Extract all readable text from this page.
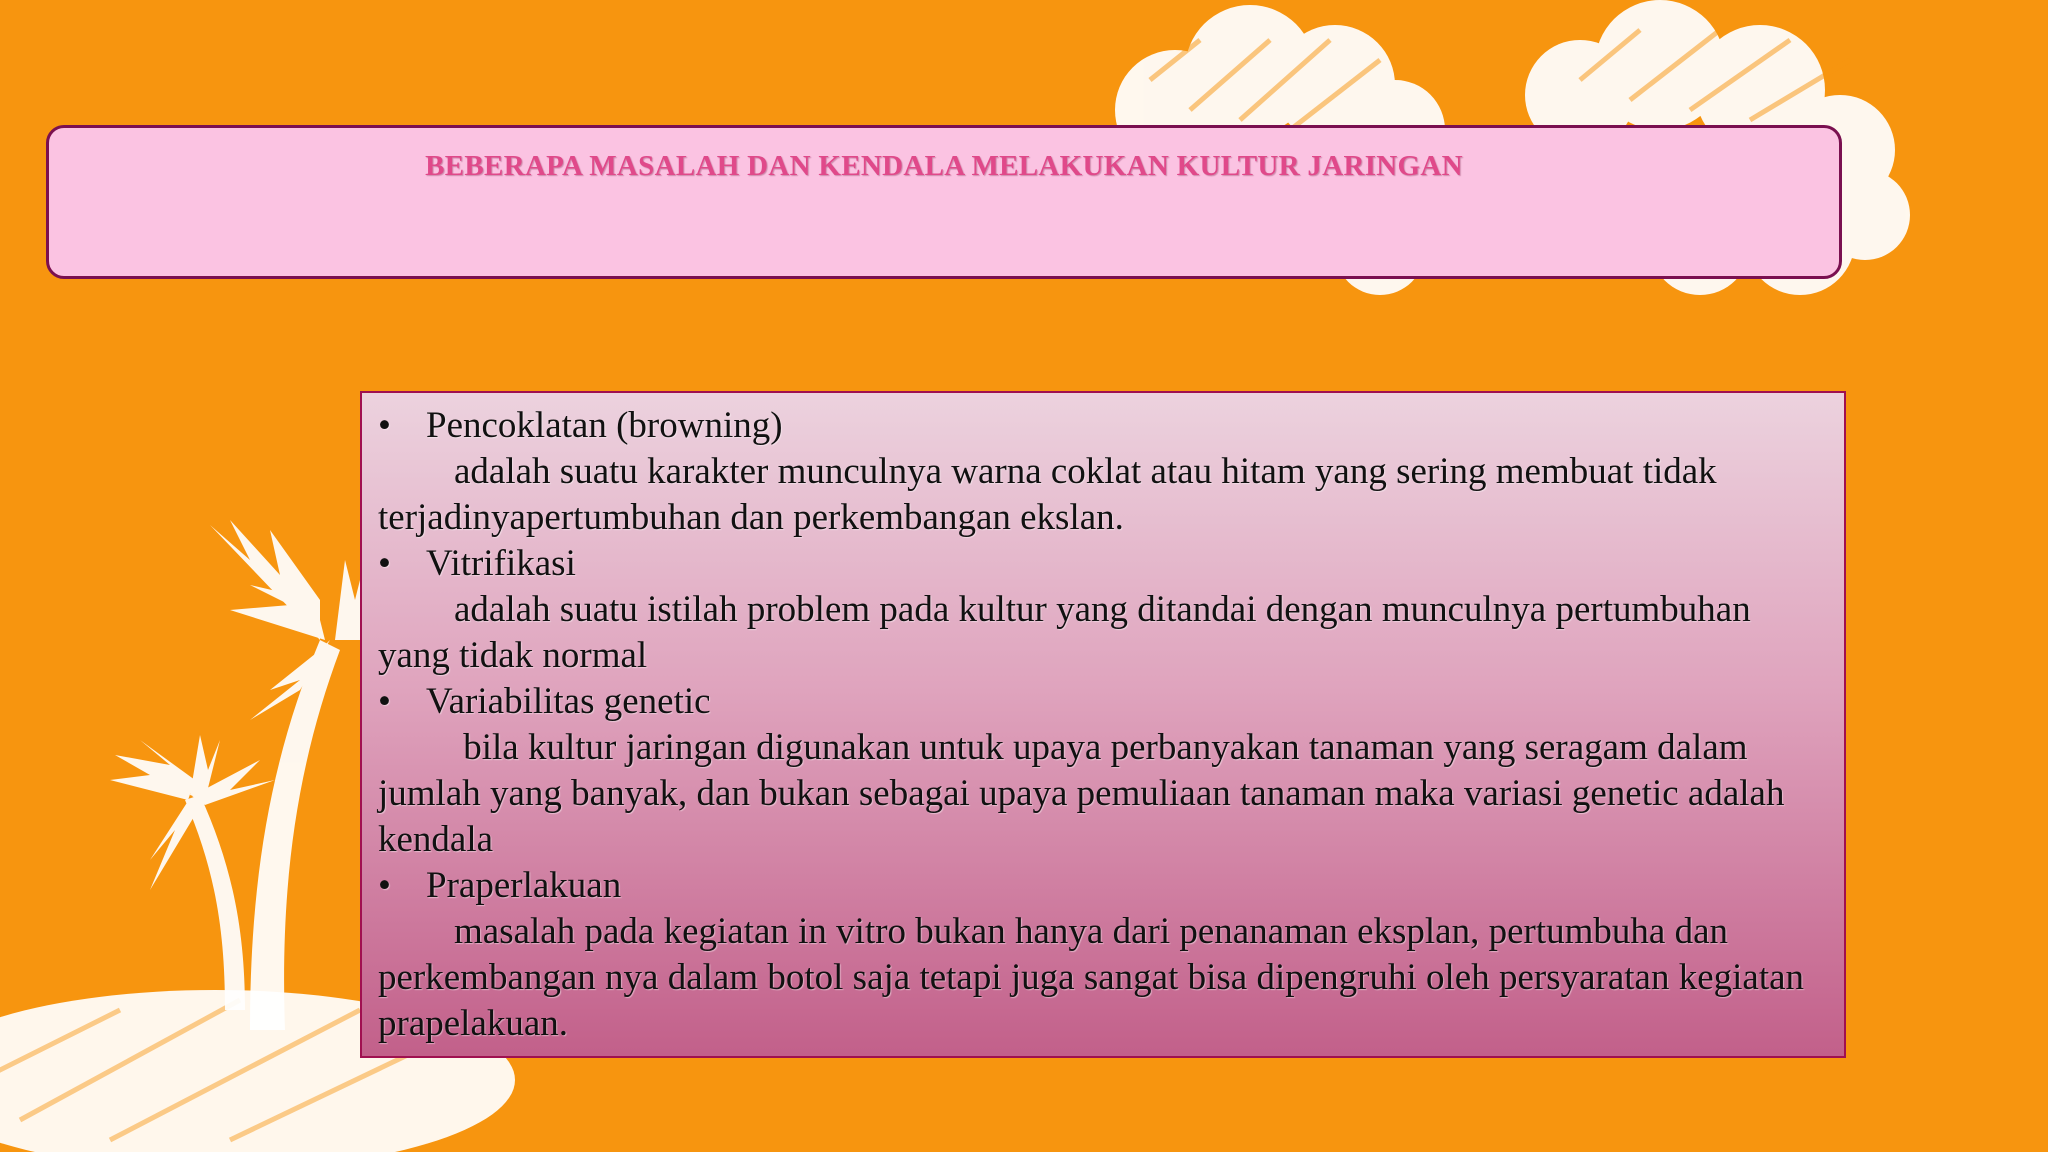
BEBERAPA MASALAH DAN KENDALA MELAKUKAN KULTUR JARINGAN
• Pencoklatan (browning)
adalah suatu karakter munculnya warna coklat atau hitam yang sering membuat tidak       terjadinyapertumbuhan dan perkembangan ekslan.
• Vitrifikasi
adalah suatu istilah problem pada kultur yang ditandai dengan munculnya pertumbuhan yang tidak normal
• Variabilitas genetic
bila kultur jaringan digunakan untuk upaya perbanyakan tanaman yang seragam dalam jumlah yang banyak, dan bukan sebagai upaya pemuliaan tanaman maka variasi genetic adalah kendala
• Praperlakuan
masalah pada kegiatan in vitro bukan hanya dari penanaman eksplan, pertumbuha dan perkembangan nya dalam botol saja tetapi juga sangat bisa dipengruhi oleh persyaratan kegiatan prapelakuan.
